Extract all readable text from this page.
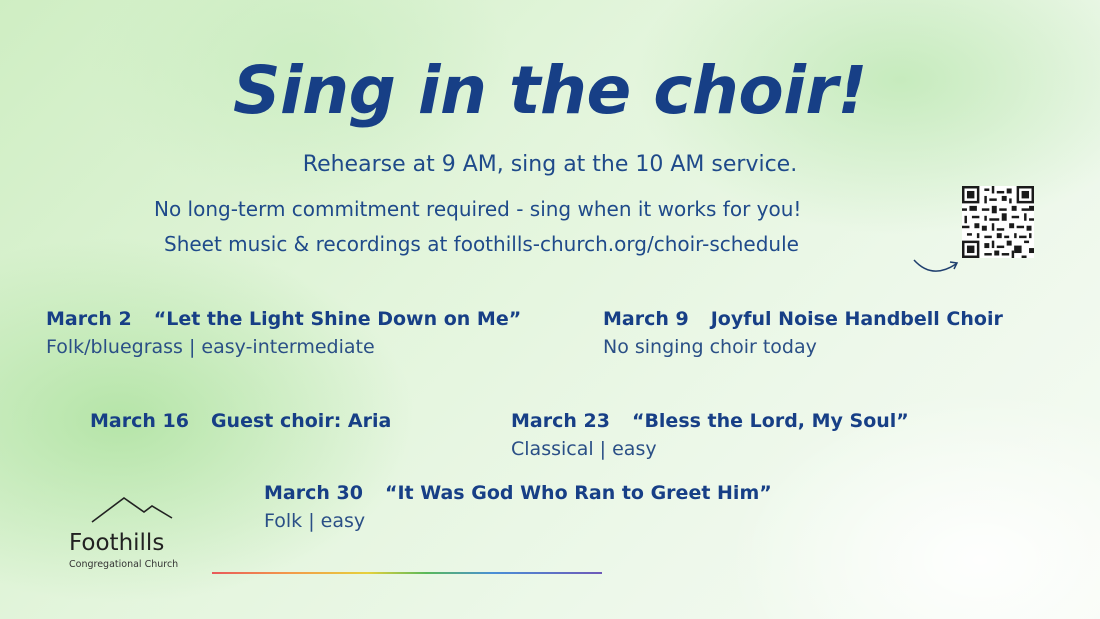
Sing in the choir!
Rehearse at 9 AM, sing at the 10 AM service.
No long-term commitment required - sing when it works for you!
Sheet music & recordings at foothills-church.org/choir-schedule
March 2 “Let the Light Shine Down on Me”
Folk/bluegrass | easy-intermediate
March 9 Joyful Noise Handbell Choir
No singing choir today
March 16 Guest choir: Aria	March 23 “Bless the Lord, My Soul”
Classical | easy
March 30 “It Was God Who Ran to Greet Him”
Folk | easy
Foothills
Congregational Church
